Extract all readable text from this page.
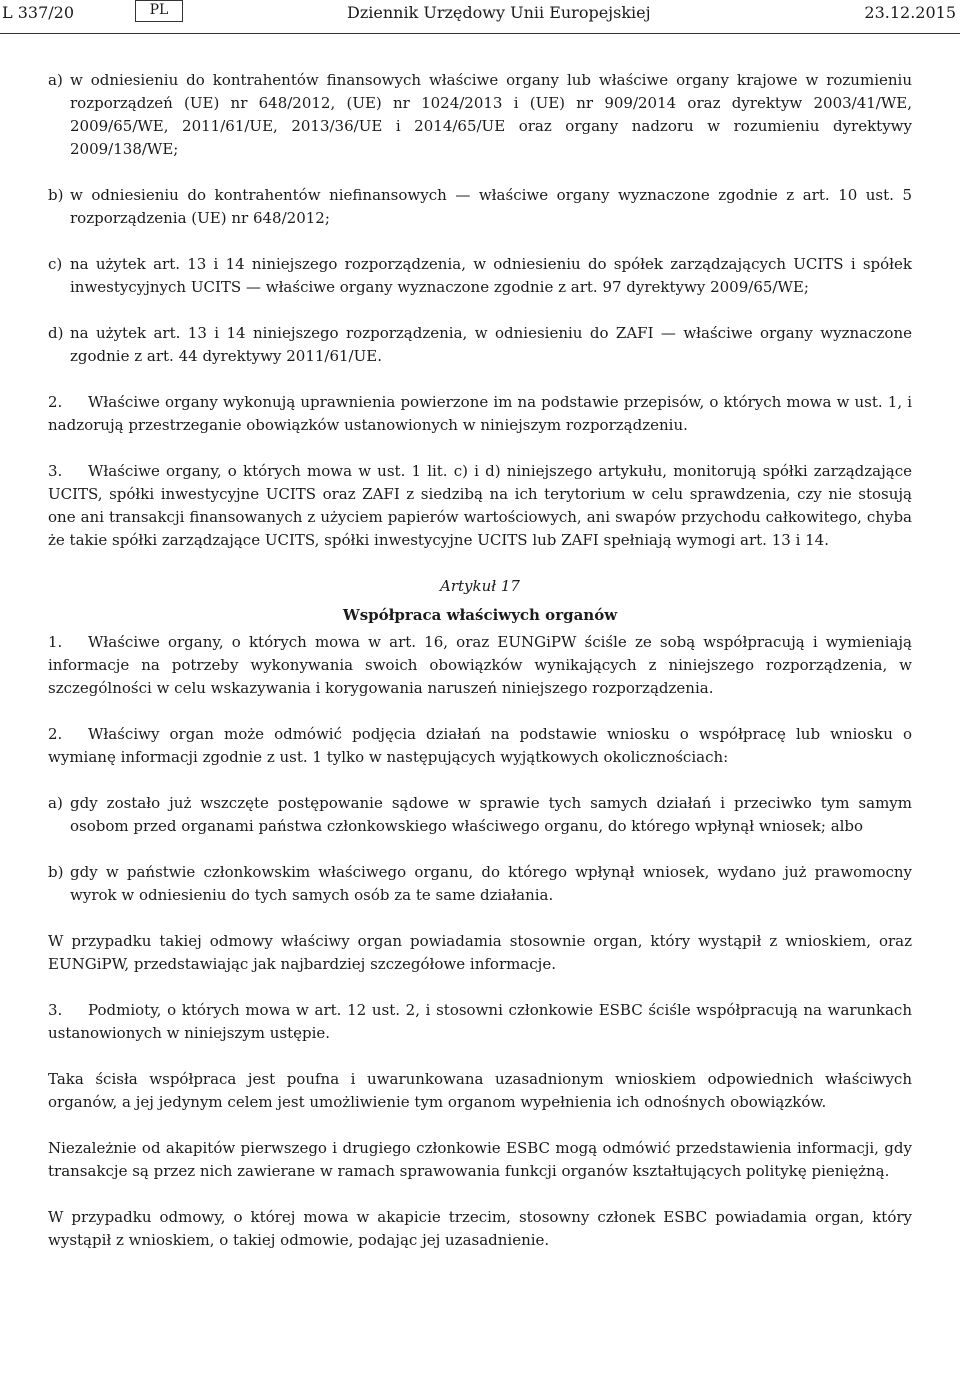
L 337/20	PL	Dziennik Urzędowy Unii Europejskiej	23.12.2015
a) w odniesieniu do kontrahentów finansowych właściwe organy lub właściwe organy krajowe w rozumieniu rozporządzeń (UE) nr 648/2012, (UE) nr 1024/2013 i (UE) nr 909/2014 oraz dyrektyw 2003/41/WE, 2009/65/WE, 2011/61/UE, 2013/36/UE i 2014/65/UE oraz organy nadzoru w rozumieniu dyrektywy 2009/138/WE;
b) w odniesieniu do kontrahentów niefinansowych — właściwe organy wyznaczone zgodnie z art. 10 ust. 5 rozporządzenia (UE) nr 648/2012;
c) na użytek art. 13 i 14 niniejszego rozporządzenia, w odniesieniu do spółek zarządzających UCITS i spółek inwestycyjnych UCITS — właściwe organy wyznaczone zgodnie z art. 97 dyrektywy 2009/65/WE;
d) na użytek art. 13 i 14 niniejszego rozporządzenia, w odniesieniu do ZAFI — właściwe organy wyznaczone zgodnie z art. 44 dyrektywy 2011/61/UE.

2. Właściwe organy wykonują uprawnienia powierzone im na podstawie przepisów, o których mowa w ust. 1, i nadzorują przestrzeganie obowiązków ustanowionych w niniejszym rozporządzeniu.

3. Właściwe organy, o których mowa w ust. 1 lit. c) i d) niniejszego artykułu, monitorują spółki zarządzające UCITS, spółki inwestycyjne UCITS oraz ZAFI z siedzibą na ich terytorium w celu sprawdzenia, czy nie stosują one ani transakcji finansowanych z użyciem papierów wartościowych, ani swapów przychodu całkowitego, chyba że takie spółki zarządzające UCITS, spółki inwestycyjne UCITS lub ZAFI spełniają wymogi art. 13 i 14.

Artykuł 17
Współpraca właściwych organów

1. Właściwe organy, o których mowa w art. 16, oraz EUNGiPW ściśle ze sobą współpracują i wymieniają informacje na potrzeby wykonywania swoich obowiązków wynikających z niniejszego rozporządzenia, w szczególności w celu wskazywania i korygowania naruszeń niniejszego rozporządzenia.

2. Właściwy organ może odmówić podjęcia działań na podstawie wniosku o współpracę lub wniosku o wymianę informacji zgodnie z ust. 1 tylko w następujących wyjątkowych okolicznościach:

a) gdy zostało już wszczęte postępowanie sądowe w sprawie tych samych działań i przeciwko tym samym osobom przed organami państwa członkowskiego właściwego organu, do którego wpłynął wniosek; albo
b) gdy w państwie członkowskim właściwego organu, do którego wpłynął wniosek, wydano już prawomocny wyrok w odniesieniu do tych samych osób za te same działania.

W przypadku takiej odmowy właściwy organ powiadamia stosownie organ, który wystąpił z wnioskiem, oraz EUNGiPW, przedstawiając jak najbardziej szczegółowe informacje.

3. Podmioty, o których mowa w art. 12 ust. 2, i stosowni członkowie ESBC ściśle współpracują na warunkach ustanowionych w niniejszym ustępie.

Taka ścisła współpraca jest poufna i uwarunkowana uzasadnionym wnioskiem odpowiednich właściwych organów, a jej jedynym celem jest umożliwienie tym organom wypełnienia ich odnośnych obowiązków.

Niezależnie od akapitów pierwszego i drugiego członkowie ESBC mogą odmówić przedstawienia informacji, gdy transakcje są przez nich zawierane w ramach sprawowania funkcji organów kształtujących politykę pieniężną.

W przypadku odmowy, o której mowa w akapicie trzecim, stosowny członek ESBC powiadamia organ, który wystąpił z wnioskiem, o takiej odmowie, podając jej uzasadnienie.
